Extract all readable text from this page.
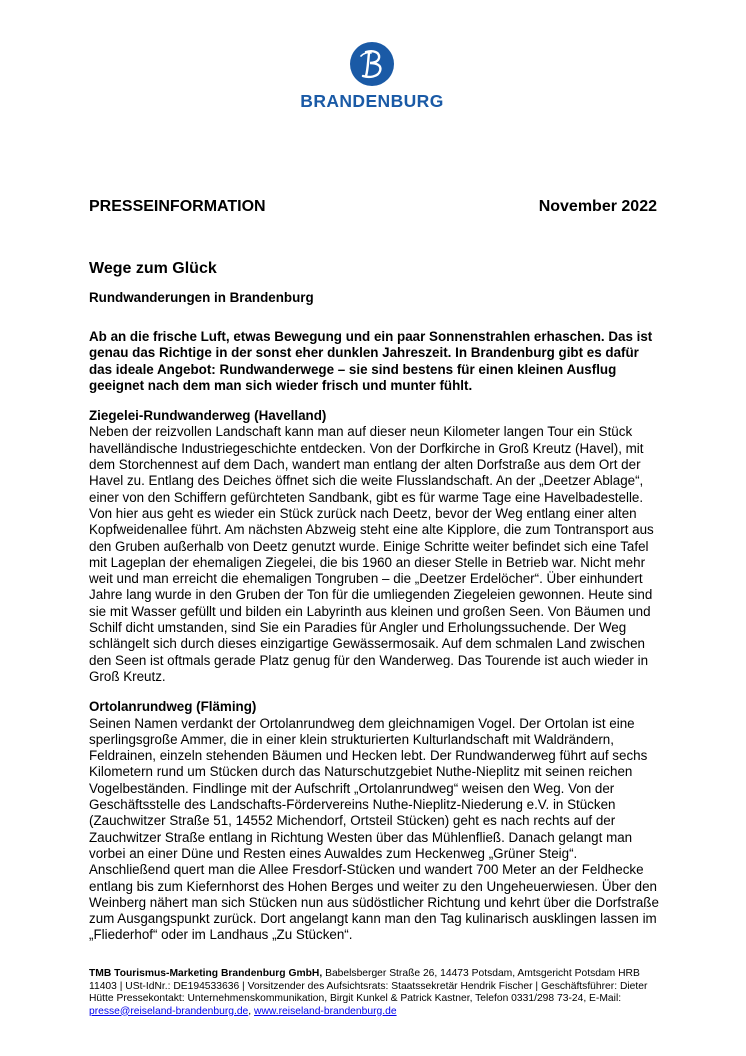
BRANDENBURG
PRESSEINFORMATION	November 2022
Wege zum Glück
Rundwanderungen in Brandenburg

Ab an die frische Luft, etwas Bewegung und ein paar Sonnenstrahlen erhaschen. Das ist genau das Richtige in der sonst eher dunklen Jahreszeit. In Brandenburg gibt es dafür das ideale Angebot: Rundwanderwege – sie sind bestens für einen kleinen Ausflug geeignet nach dem man sich wieder frisch und munter fühlt.

Ziegelei-Rundwanderweg (Havelland)

Neben der reizvollen Landschaft kann man auf dieser neun Kilometer langen Tour ein Stück havelländische Industriegeschichte entdecken. Von der Dorfkirche in Groß Kreutz (Havel), mit dem Storchennest auf dem Dach, wandert man entlang der alten Dorfstraße aus dem Ort der Havel zu. Entlang des Deiches öffnet sich die weite Flusslandschaft. An der „Deetzer Ablage“, einer von den Schiffern gefürchteten Sandbank, gibt es für warme Tage eine Havelbadestelle. Von hier aus geht es wieder ein Stück zurück nach Deetz, bevor der Weg entlang einer alten Kopfweidenallee führt. Am nächsten Abzweig steht eine alte Kipplore, die zum Tontransport aus den Gruben außerhalb von Deetz genutzt wurde. Einige Schritte weiter befindet sich eine Tafel mit Lageplan der ehemaligen Ziegelei, die bis 1960 an dieser Stelle in Betrieb war. Nicht mehr weit und man erreicht die ehemaligen Tongruben – die „Deetzer Erdelöcher“. Über einhundert Jahre lang wurde in den Gruben der Ton für die umliegenden Ziegeleien gewonnen. Heute sind sie mit Wasser gefüllt und bilden ein Labyrinth aus kleinen und großen Seen. Von Bäumen und Schilf dicht umstanden, sind Sie ein Paradies für Angler und Erholungssuchende. Der Weg schlängelt sich durch dieses einzigartige Gewässermosaik. Auf dem schmalen Land zwischen den Seen ist oftmals gerade Platz genug für den Wanderweg. Das Tourende ist auch wieder in Groß Kreutz.

Ortolanrundweg (Fläming)

Seinen Namen verdankt der Ortolanrundweg dem gleichnamigen Vogel. Der Ortolan ist eine sperlingsgroße Ammer, die in einer klein strukturierten Kulturlandschaft mit Waldrändern, Feldrainen, einzeln stehenden Bäumen und Hecken lebt. Der Rundwanderweg führt auf sechs Kilometern rund um Stücken durch das Naturschutzgebiet Nuthe-Nieplitz mit seinen reichen Vogelbeständen. Findlinge mit der Aufschrift „Ortolanrundweg“ weisen den Weg. Von der Geschäftsstelle des Landschafts-Fördervereins Nuthe-Nieplitz-Niederung e.V. in Stücken (Zauchwitzer Straße 51, 14552 Michendorf, Ortsteil Stücken) geht es nach rechts auf der Zauchwitzer Straße entlang in Richtung Westen über das Mühlenfließ. Danach gelangt man vorbei an einer Düne und Resten eines Auwaldes zum Heckenweg „Grüner Steig“. Anschließend quert man die Allee Fresdorf-Stücken und wandert 700 Meter an der Feldhecke entlang bis zum Kiefernhorst des Hohen Berges und weiter zu den Ungeheuerwiesen. Über den Weinberg nähert man sich Stücken nun aus südöstlicher Richtung und kehrt über die Dorfstraße zum Ausgangspunkt zurück. Dort angelangt kann man den Tag kulinarisch ausklingen lassen im „Fliederhof“ oder im Landhaus „Zu Stücken“.

TMB Tourismus-Marketing Brandenburg GmbH, Babelsberger Straße 26, 14473 Potsdam, Amtsgericht Potsdam HRB 11403 | USt-IdNr.: DE194533636 | Vorsitzender des Aufsichtsrats: Staatssekretär Hendrik Fischer | Geschäftsführer: Dieter Hütte Pressekontakt: Unternehmenskommunikation, Birgit Kunkel & Patrick Kastner, Telefon 0331/298 73-24, E-Mail: presse@reiseland-brandenburg.de, www.reiseland-brandenburg.de
